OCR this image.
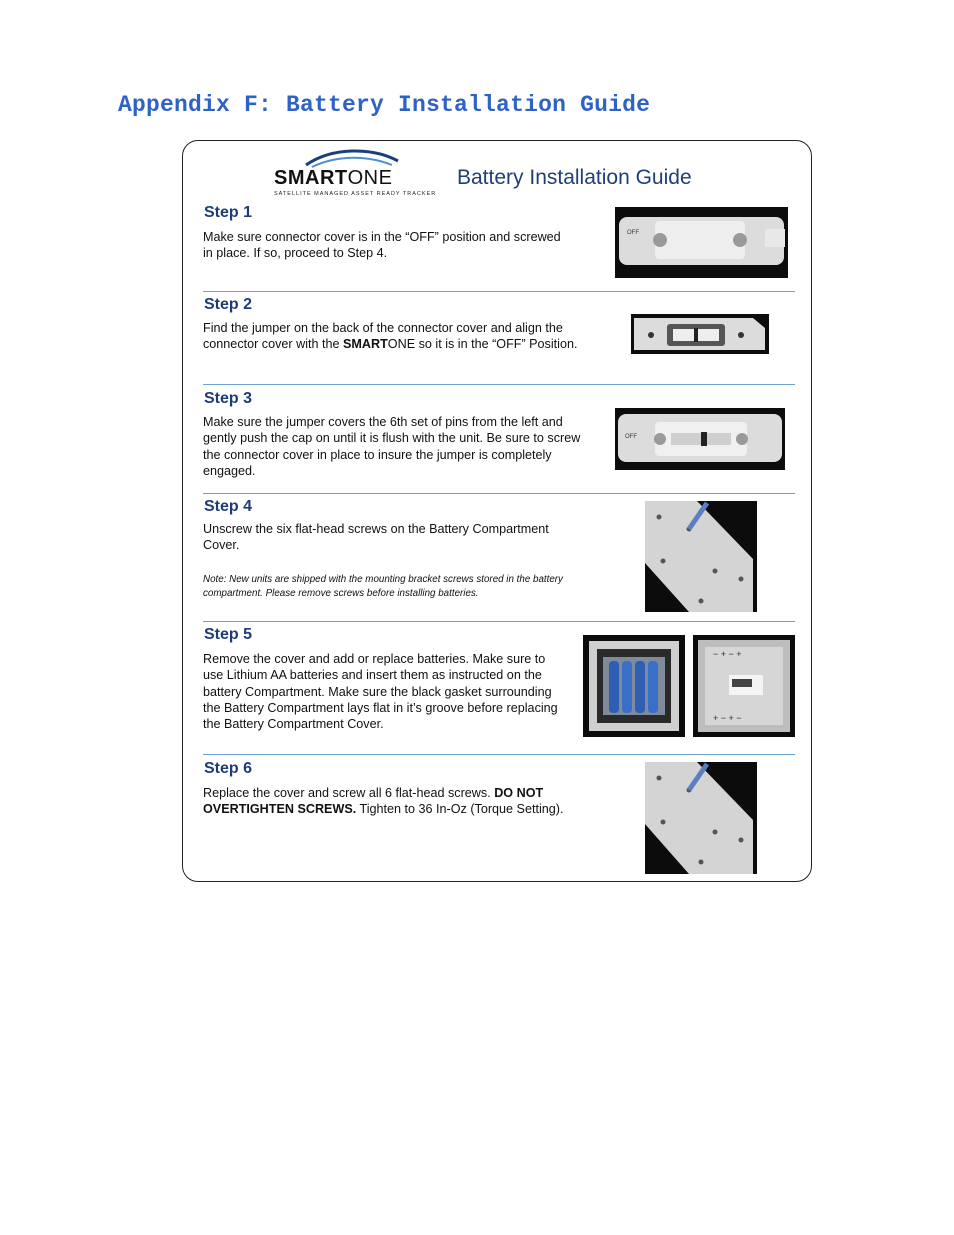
Appendix F: Battery Installation Guide
SMARTONE
SATELLITE MANAGED ASSET READY TRACKER
Battery Installation Guide
Step 1
Make sure connector cover is in the “OFF” position and screwed in place. If so, proceed to Step 4.
OFF
Step 2
Find the jumper on the back of the connector cover and align the connector cover with the SMARTONE so it is in the “OFF” Position.
Step 3
Make sure the jumper covers the 6th set of pins from the left and gently push the cap on until it is flush with the unit. Be sure to screw the connector cover in place to insure the jumper is completely engaged.
OFF
Step 4
Unscrew the six flat-head screws on the Battery Compartment Cover.
Note: New units are shipped with the mounting bracket screws stored in the battery compartment. Please remove screws before installing batteries.
Step 5
Remove the cover and add or replace batteries. Make sure to use Lithium AA batteries and insert them as instructed on the battery Compartment. Make sure the black gasket surrounding the Battery Compartment lays flat in it’s groove before replacing the Battery Compartment Cover.
− + − +
+ − + −
Step 6
Replace the cover and screw all 6 flat-head screws. DO NOT OVERTIGHTEN SCREWS. Tighten to 36 In-Oz (Torque Setting).
